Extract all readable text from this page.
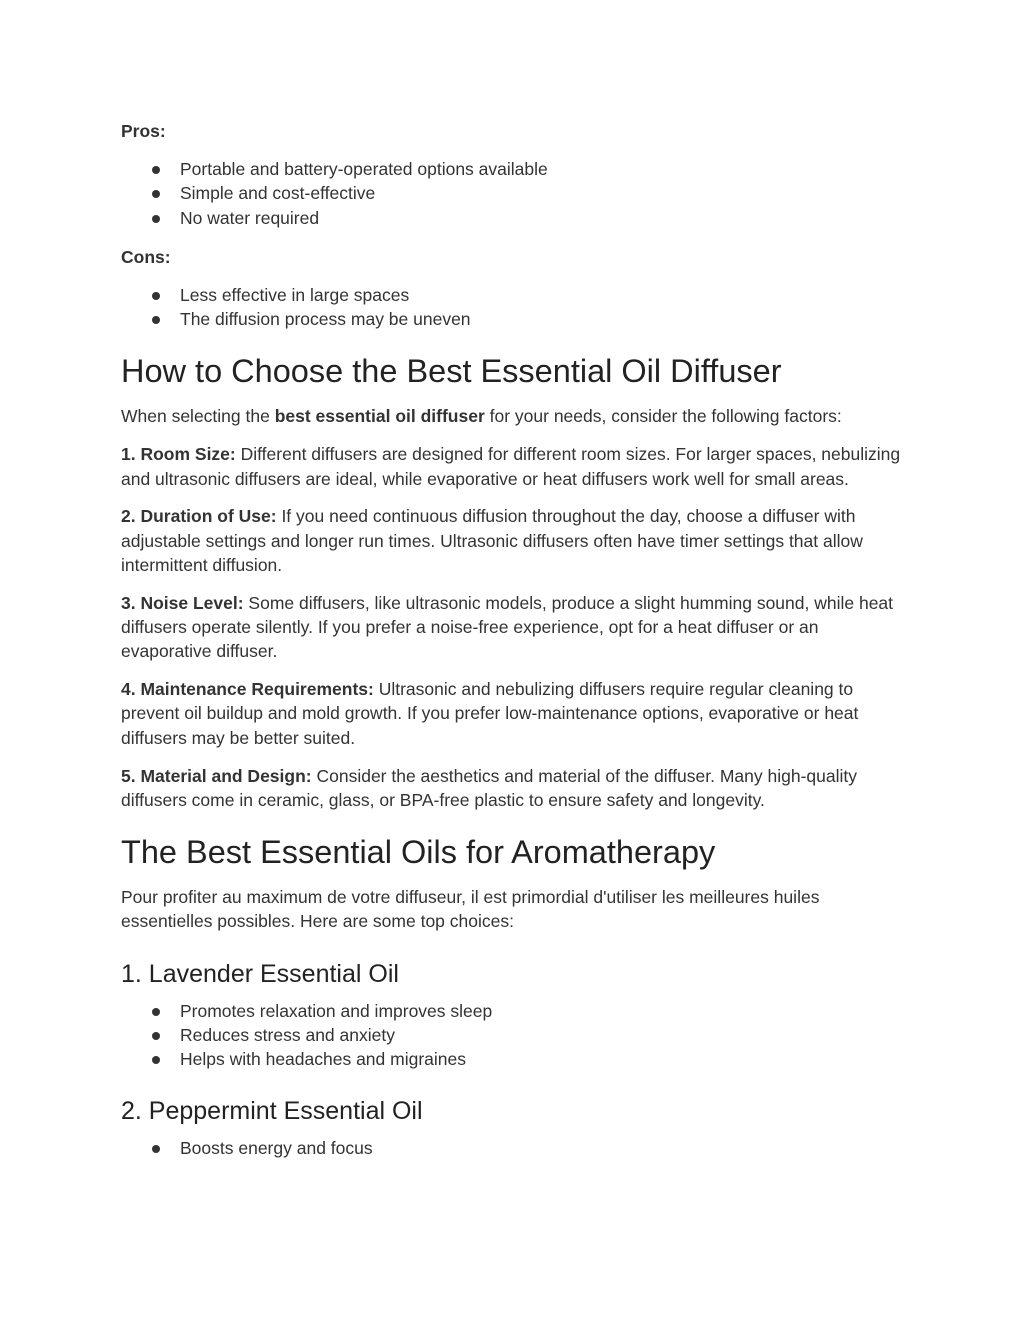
Pros:

Portable and battery-operated options available
Simple and cost-effective
No water required

Cons:

Less effective in large spaces
The diffusion process may be uneven
How to Choose the Best Essential Oil Diffuser

When selecting the best essential oil diffuser for your needs, consider the following factors:

1. Room Size: Different diffusers are designed for different room sizes. For larger spaces, nebulizing and ultrasonic diffusers are ideal, while evaporative or heat diffusers work well for small areas.

2. Duration of Use: If you need continuous diffusion throughout the day, choose a diffuser with adjustable settings and longer run times. Ultrasonic diffusers often have timer settings that allow intermittent diffusion.

3. Noise Level: Some diffusers, like ultrasonic models, produce a slight humming sound, while heat diffusers operate silently. If you prefer a noise-free experience, opt for a heat diffuser or an evaporative diffuser.

4. Maintenance Requirements: Ultrasonic and nebulizing diffusers require regular cleaning to prevent oil buildup and mold growth. If you prefer low-maintenance options, evaporative or heat diffusers may be better suited.

5. Material and Design: Consider the aesthetics and material of the diffuser. Many high-quality diffusers come in ceramic, glass, or BPA-free plastic to ensure safety and longevity.

The Best Essential Oils for Aromatherapy

Pour profiter au maximum de votre diffuseur, il est primordial d'utiliser les meilleures huiles essentielles possibles. Here are some top choices:

1. Lavender Essential Oil
Promotes relaxation and improves sleep
Reduces stress and anxiety
Helps with headaches and migraines
2. Peppermint Essential Oil
Boosts energy and focus
